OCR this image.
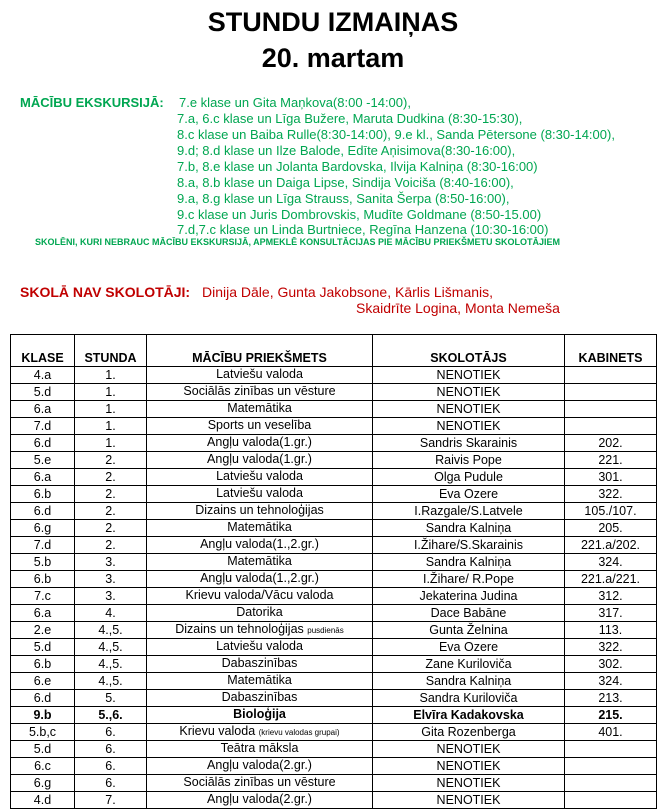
STUNDU IZMAIŅAS
20. martam
MĀCĪBU EKSKURSIJĀ: 7.e klase un Gita Maņkova(8:00 -14:00),
7.a, 6.c klase un Līga Bužere, Maruta Dudkina (8:30-15:30),
8.c klase un Baiba Rulle(8:30-14:00), 9.e kl., Sanda Pētersone (8:30-14:00),
9.d; 8.d klase un Ilze Balode, Edīte Aņisimova(8:30-16:00),
7.b, 8.e klase un Jolanta Bardovska, Ilvija Kalniņa (8:30-16:00)
8.a, 8.b klase un Daiga Lipse, Sindija Voiciša (8:40-16:00),
9.a, 8.g klase un Līga Strauss, Sanita Šerpa (8:50-16:00),
9.c klase un Juris Dombrovskis, Mudīte Goldmane (8:50-15.00)
7.d,7.c klase un Linda Burtniece, Regīna Hanzena (10:30-16:00)
SKOLĒNI, KURI NEBRAUC MĀCĪBU EKSKURSIJĀ, APMEKLĒ KONSULTĀCIJAS PIE MĀCĪBU PRIEKŠMETU SKOLOTĀJIEM
SKOLĀ NAV SKOLOTĀJI: Dinija Dāle, Gunta Jakobsone, Kārlis Lišmanis,
Skaidrīte Logina, Monta Nemeša
KLASE	STUNDA	MĀCĪBU PRIEKŠMETS	SKOLOTĀJS	KABINETS
4.a	1.	Latviešu valoda	NENOTIEK	
5.d	1.	Sociālās zinības un vēsture	NENOTIEK	
6.a	1.	Matemātika	NENOTIEK	
7.d	1.	Sports un veselība	NENOTIEK	
6.d	1.	Angļu valoda(1.gr.)	Sandris Skarainis	202.
5.e	2.	Angļu valoda(1.gr.)	Raivis Pope	221.
6.a	2.	Latviešu valoda	Olga Pudule	301.
6.b	2.	Latviešu valoda	Eva Ozere	322.
6.d	2.	Dizains un tehnoloģijas	I.Razgale/S.Latvele	105./107.
6.g	2.	Matemātika	Sandra Kalniņa	205.
7.d	2.	Angļu valoda(1.,2.gr.)	I.Žihare/S.Skarainis	221.a/202.
5.b	3.	Matemātika	Sandra Kalniņa	324.
6.b	3.	Angļu valoda(1.,2.gr.)	I.Žihare/ R.Pope	221.a/221.
7.c	3.	Krievu valoda/Vācu valoda	Jekaterina Judina	312.
6.a	4.	Datorika	Dace Babāne	317.
2.e	4.,5.	Dizains un tehnoloģijas pusdienās	Gunta Želnina	113.
5.d	4.,5.	Latviešu valoda	Eva Ozere	322.
6.b	4.,5.	Dabaszinības	Zane Kuriloviča	302.
6.e	4.,5.	Matemātika	Sandra Kalniņa	324.
6.d	5.	Dabaszinības	Sandra Kuriloviča	213.
9.b	5.,6.	Bioloģija	Elvīra Kadakovska	215.
5.b,c	6.	Krievu valoda (krievu valodas grupai)	Gita Rozenberga	401.
5.d	6.	Teātra māksla	NENOTIEK	
6.c	6.	Angļu valoda(2.gr.)	NENOTIEK	
6.g	6.	Sociālās zinības un vēsture	NENOTIEK	
4.d	7.	Angļu valoda(2.gr.)	NENOTIEK	
